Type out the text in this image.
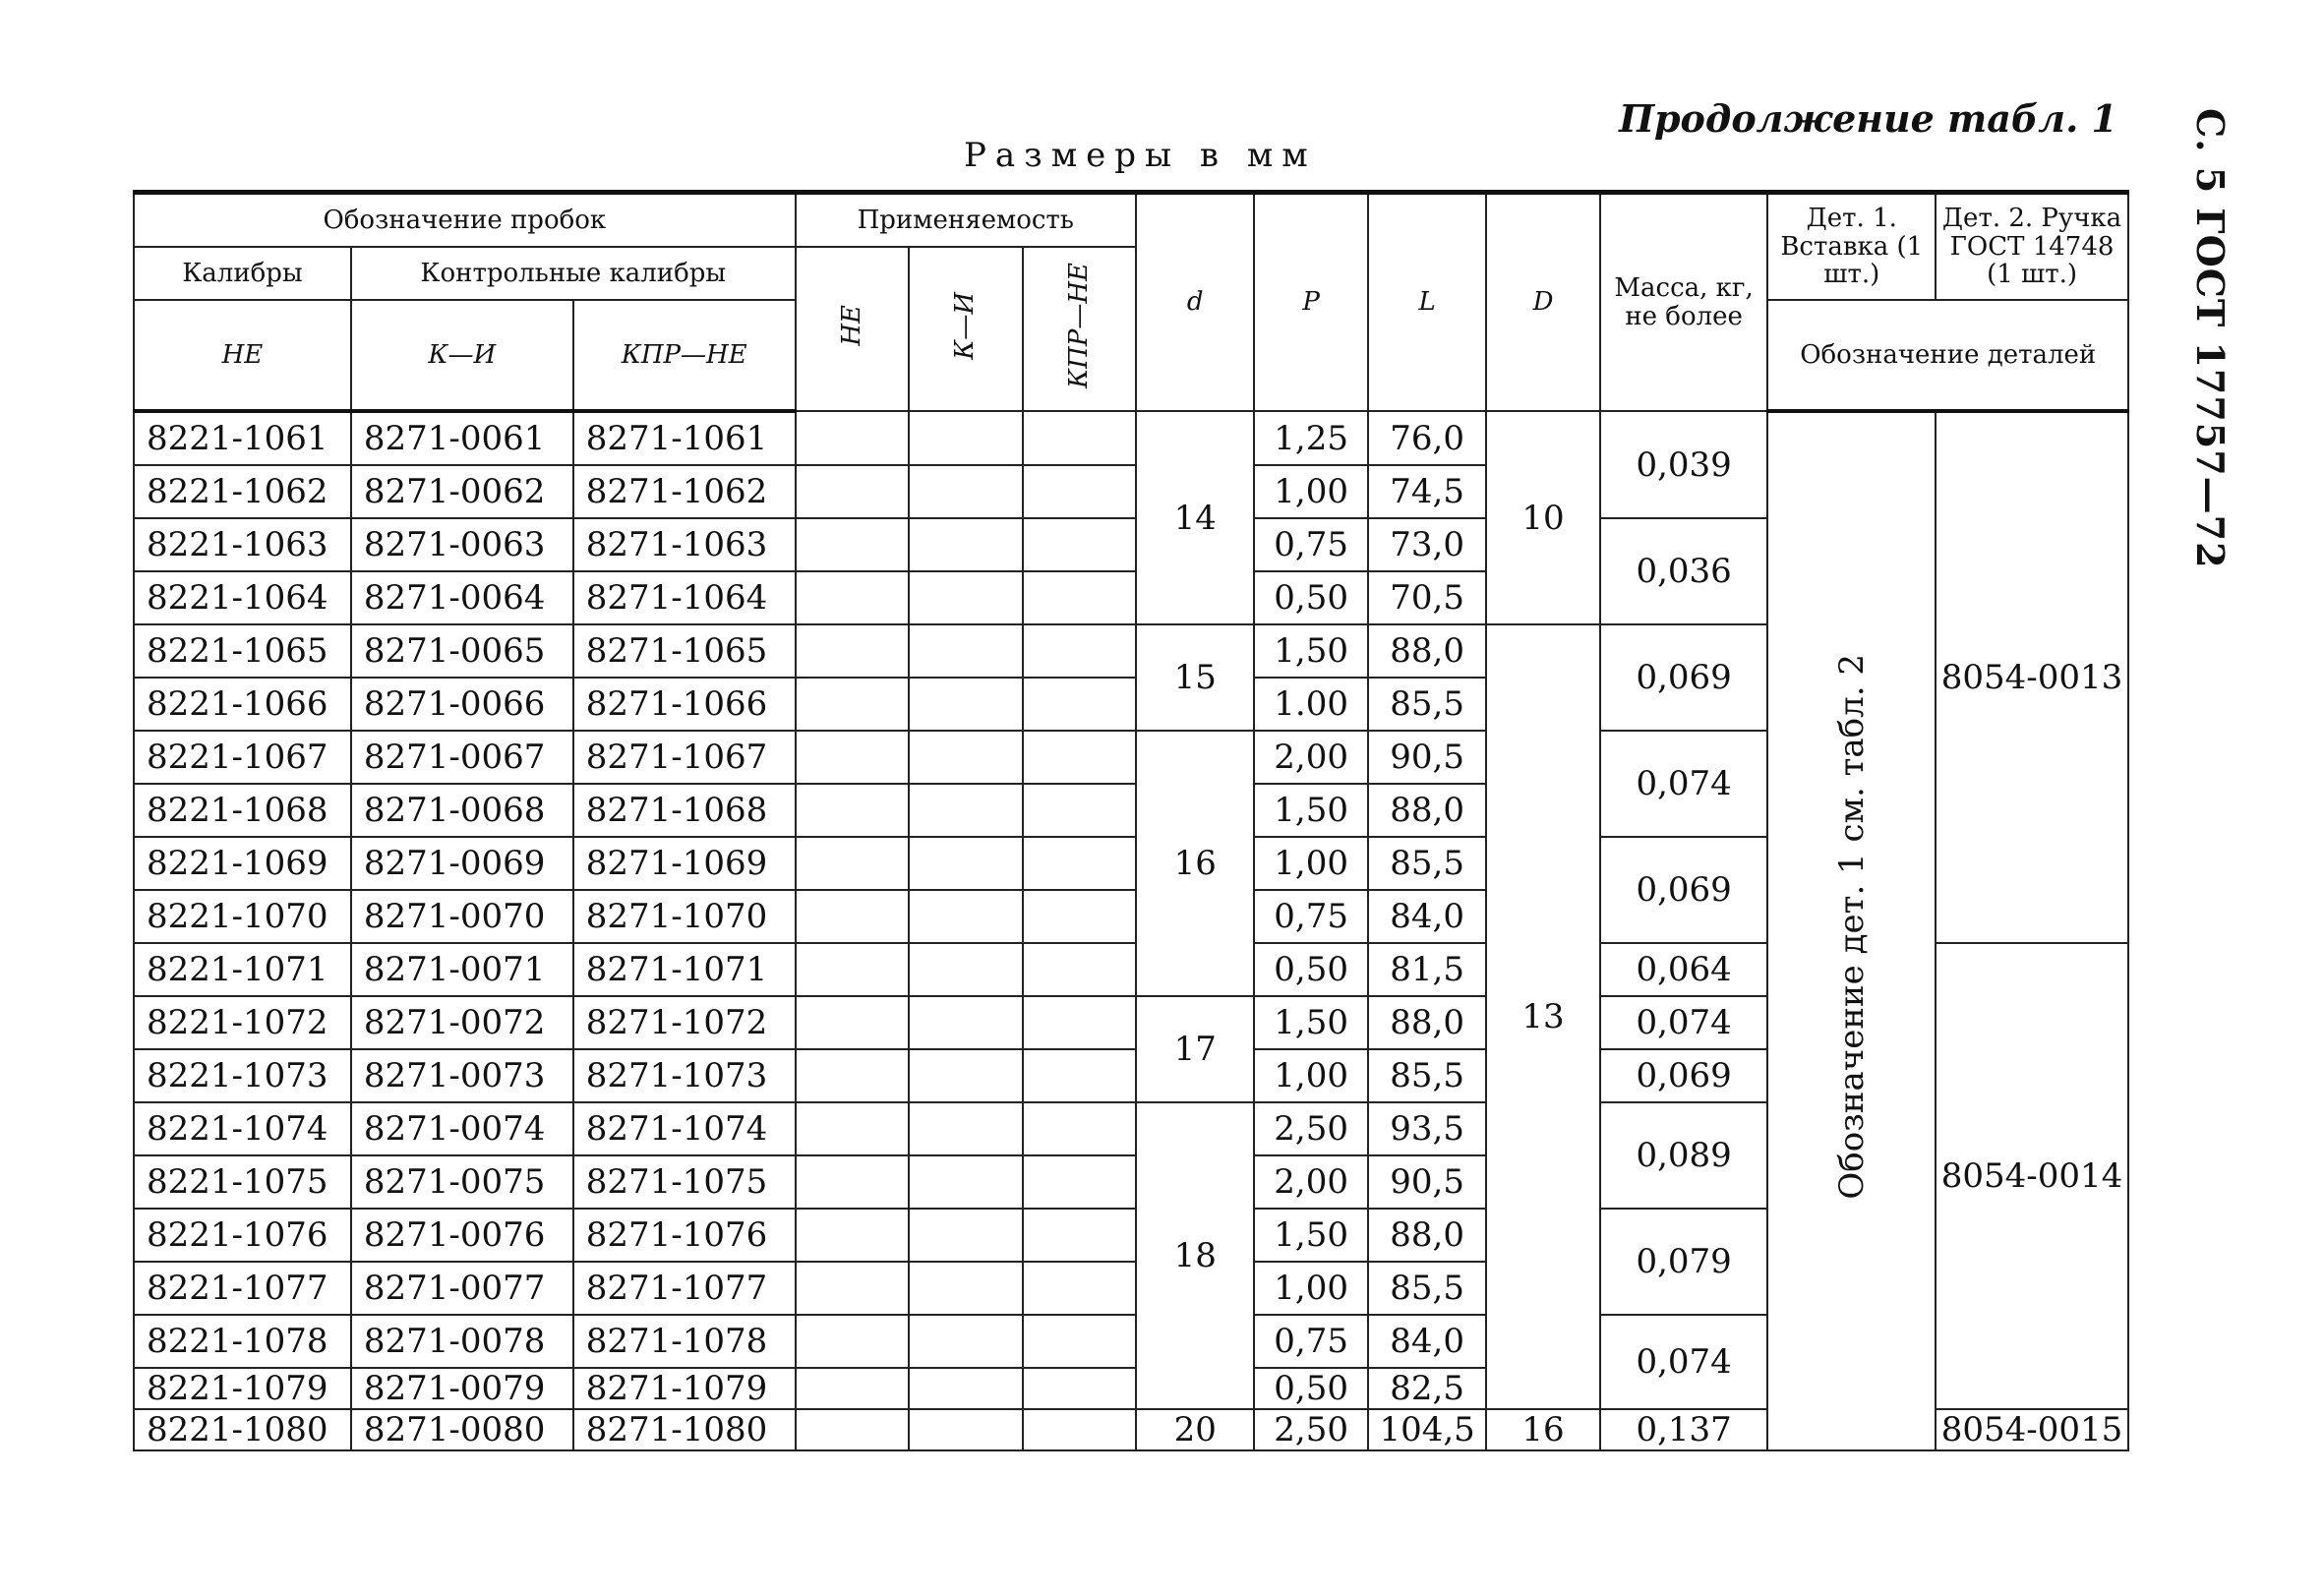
Продолжение табл. 1 С. 5 ГОСТ 17757—72
Размеры в мм
Обозначение пробок			Применяемость			d	P	L	D	Масса, кг, не более	Дет. 1. Вставка (1 шт.)	Дет. 2. Ручка ГОСТ 14748 (1 шт.)
Калибры	Контрольные калибры		НЕ	К—И	КПР—НЕ							
НЕ	К—И	КПР—НЕ									Обозначение деталей	
8221-1061	8271-0061	8271-1061				14	1,25	76,0	10	0,039	Обозначение дет. 1 см. табл. 2	8054-0013
8221-1062	8271-0062	8271-1062					1,00	74,5				
8221-1063	8271-0063	8271-1063					0,75	73,0		0,036		
8221-1064	8271-0064	8271-1064					0,50	70,5				
8221-1065	8271-0065	8271-1065				15	1,50	88,0	13	0,069		
8221-1066	8271-0066	8271-1066					1.00	85,5				
8221-1067	8271-0067	8271-1067				16	2,00	90,5		0,074		
8221-1068	8271-0068	8271-1068					1,50	88,0				
8221-1069	8271-0069	8271-1069					1,00	85,5		0,069		
8221-1070	8271-0070	8271-1070					0,75	84,0				
8221-1071	8271-0071	8271-1071					0,50	81,5		0,064		8054-0014
8221-1072	8271-0072	8271-1072				17	1,50	88,0		0,074		
8221-1073	8271-0073	8271-1073					1,00	85,5		0,069		
8221-1074	8271-0074	8271-1074				18	2,50	93,5		0,089		
8221-1075	8271-0075	8271-1075					2,00	90,5				
8221-1076	8271-0076	8271-1076					1,50	88,0		0,079		
8221-1077	8271-0077	8271-1077					1,00	85,5				
8221-1078	8271-0078	8271-1078					0,75	84,0		0,074		
8221-1079	8271-0079	8271-1079					0,50	82,5				
8221-1080	8271-0080	8271-1080				20	2,50	104,5	16	0,137		8054-0015
